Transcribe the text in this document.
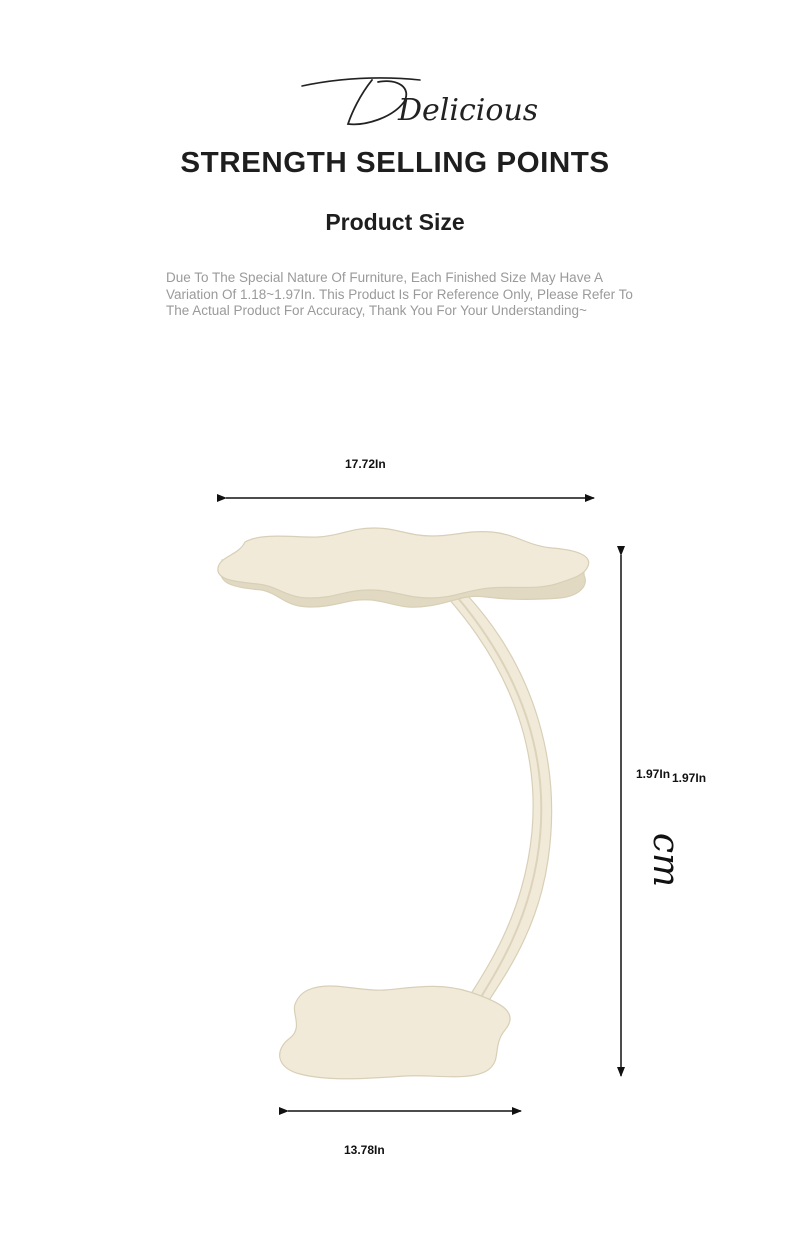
Delicious
STRENGTH SELLING POINTS
Product Size
Due To The Special Nature Of Furniture, Each Finished Size May Have A Variation Of 1.18~1.97In. This Product Is For Reference Only, Please Refer To The Actual Product For Accuracy, Thank You For Your Understanding~
17.72In
13.78In
1.97In 1.97In
cm
